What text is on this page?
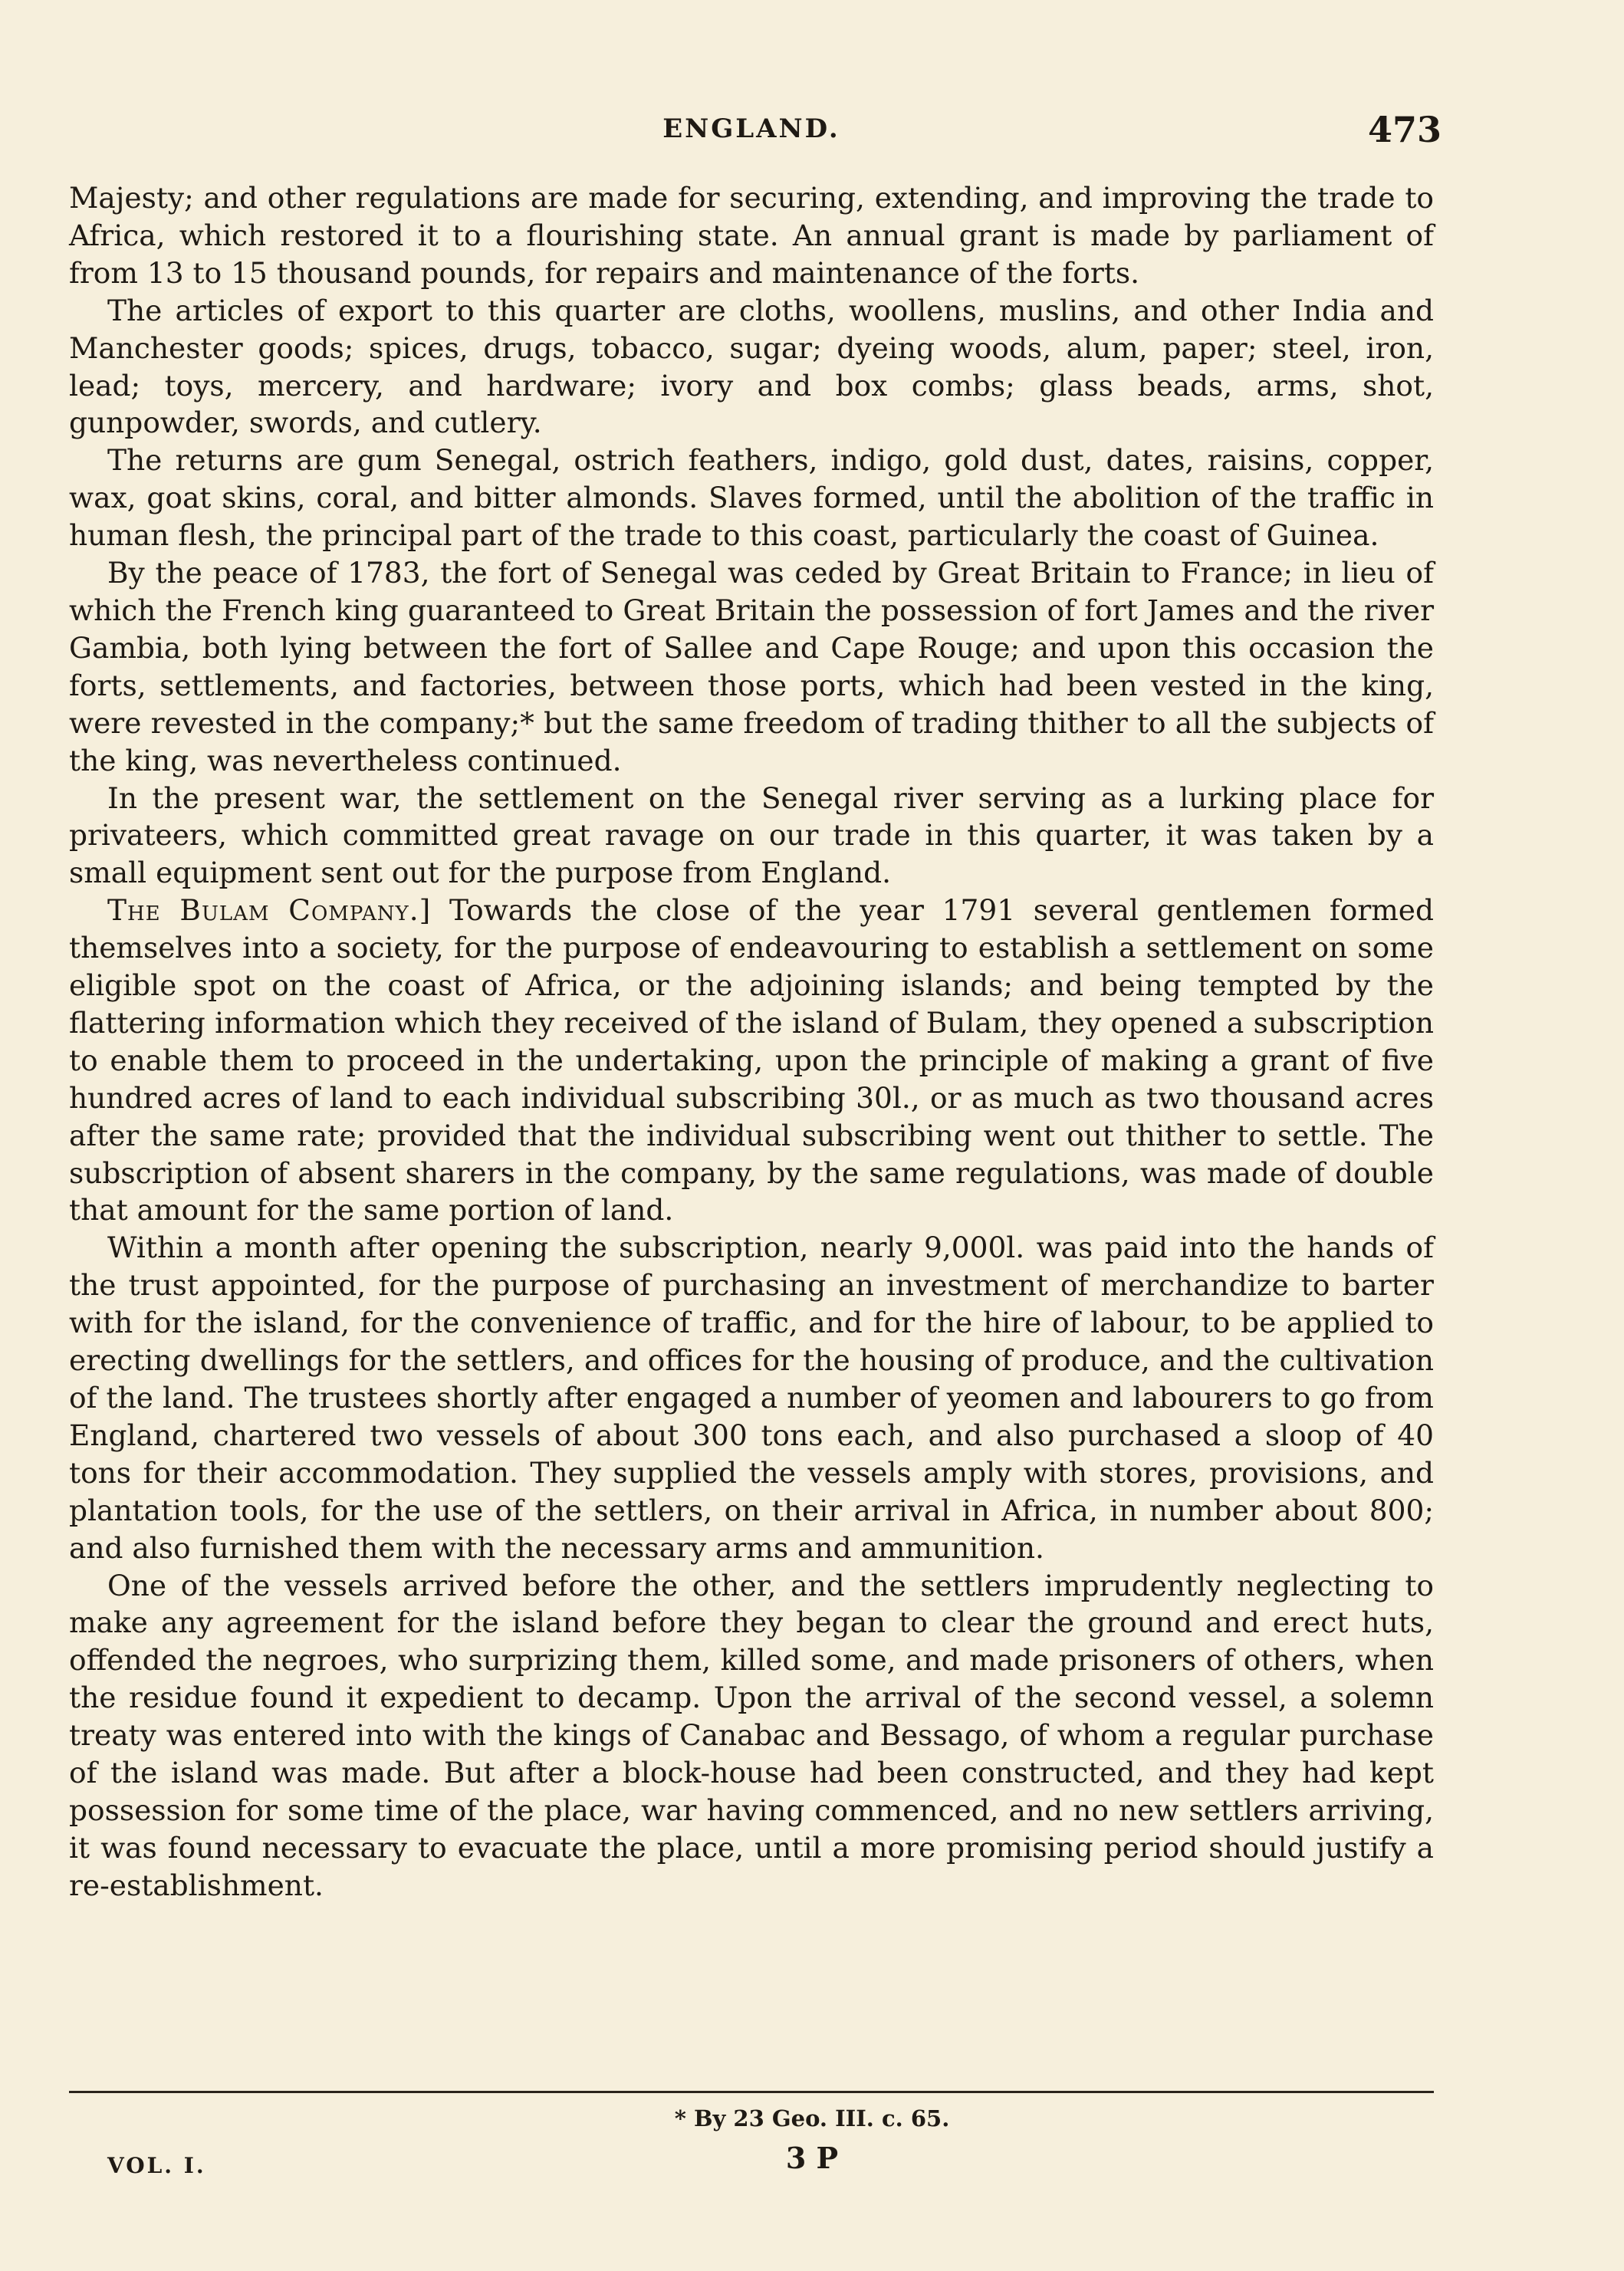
ENGLAND.	473

Majesty; and other regulations are made for securing, extending, and improving the trade to Africa, which restored it to a flourishing state. An annual grant is made by parliament of from 13 to 15 thousand pounds, for repairs and maintenance of the forts.

The articles of export to this quarter are cloths, woollens, muslins, and other India and Manchester goods; spices, drugs, tobacco, sugar; dyeing woods, alum, paper; steel, iron, lead; toys, mercery, and hardware; ivory and box combs; glass beads, arms, shot, gunpowder, swords, and cutlery.

The returns are gum Senegal, ostrich feathers, indigo, gold dust, dates, raisins, copper, wax, goat skins, coral, and bitter almonds. Slaves formed, until the abolition of the traffic in human flesh, the principal part of the trade to this coast, particularly the coast of Guinea.

By the peace of 1783, the fort of Senegal was ceded by Great Britain to France; in lieu of which the French king guaranteed to Great Britain the possession of fort James and the river Gambia, both lying between the fort of Sallee and Cape Rouge; and upon this occasion the forts, settlements, and factories, between those ports, which had been vested in the king, were revested in the company;* but the same freedom of trading thither to all the subjects of the king, was nevertheless continued.

In the present war, the settlement on the Senegal river serving as a lurking place for privateers, which committed great ravage on our trade in this quarter, it was taken by a small equipment sent out for the purpose from England.

The Bulam Company.] Towards the close of the year 1791 several gentlemen formed themselves into a society, for the purpose of endeavouring to establish a settlement on some eligible spot on the coast of Africa, or the adjoining islands; and being tempted by the flattering information which they received of the island of Bulam, they opened a subscription to enable them to proceed in the undertaking, upon the principle of making a grant of five hundred acres of land to each individual subscribing 30l., or as much as two thousand acres after the same rate; provided that the individual subscribing went out thither to settle. The subscription of absent sharers in the company, by the same regulations, was made of double that amount for the same portion of land.

Within a month after opening the subscription, nearly 9,000l. was paid into the hands of the trust appointed, for the purpose of purchasing an investment of merchandize to barter with for the island, for the convenience of traffic, and for the hire of labour, to be applied to erecting dwellings for the settlers, and offices for the housing of produce, and the cultivation of the land. The trustees shortly after engaged a number of yeomen and labourers to go from England, chartered two vessels of about 300 tons each, and also purchased a sloop of 40 tons for their accommodation. They supplied the vessels amply with stores, provisions, and plantation tools, for the use of the settlers, on their arrival in Africa, in number about 800; and also furnished them with the necessary arms and ammunition.

One of the vessels arrived before the other, and the settlers imprudently neglecting to make any agreement for the island before they began to clear the ground and erect huts, offended the negroes, who surprizing them, killed some, and made prisoners of others, when the residue found it expedient to decamp. Upon the arrival of the second vessel, a solemn treaty was entered into with the kings of Canabac and Bessago, of whom a regular purchase of the island was made. But after a block-house had been constructed, and they had kept possession for some time of the place, war having commenced, and no new settlers arriving, it was found necessary to evacuate the place, until a more promising period should justify a re-establishment.

* By 23 Geo. III. c. 65.
VOL. I.	3 P
